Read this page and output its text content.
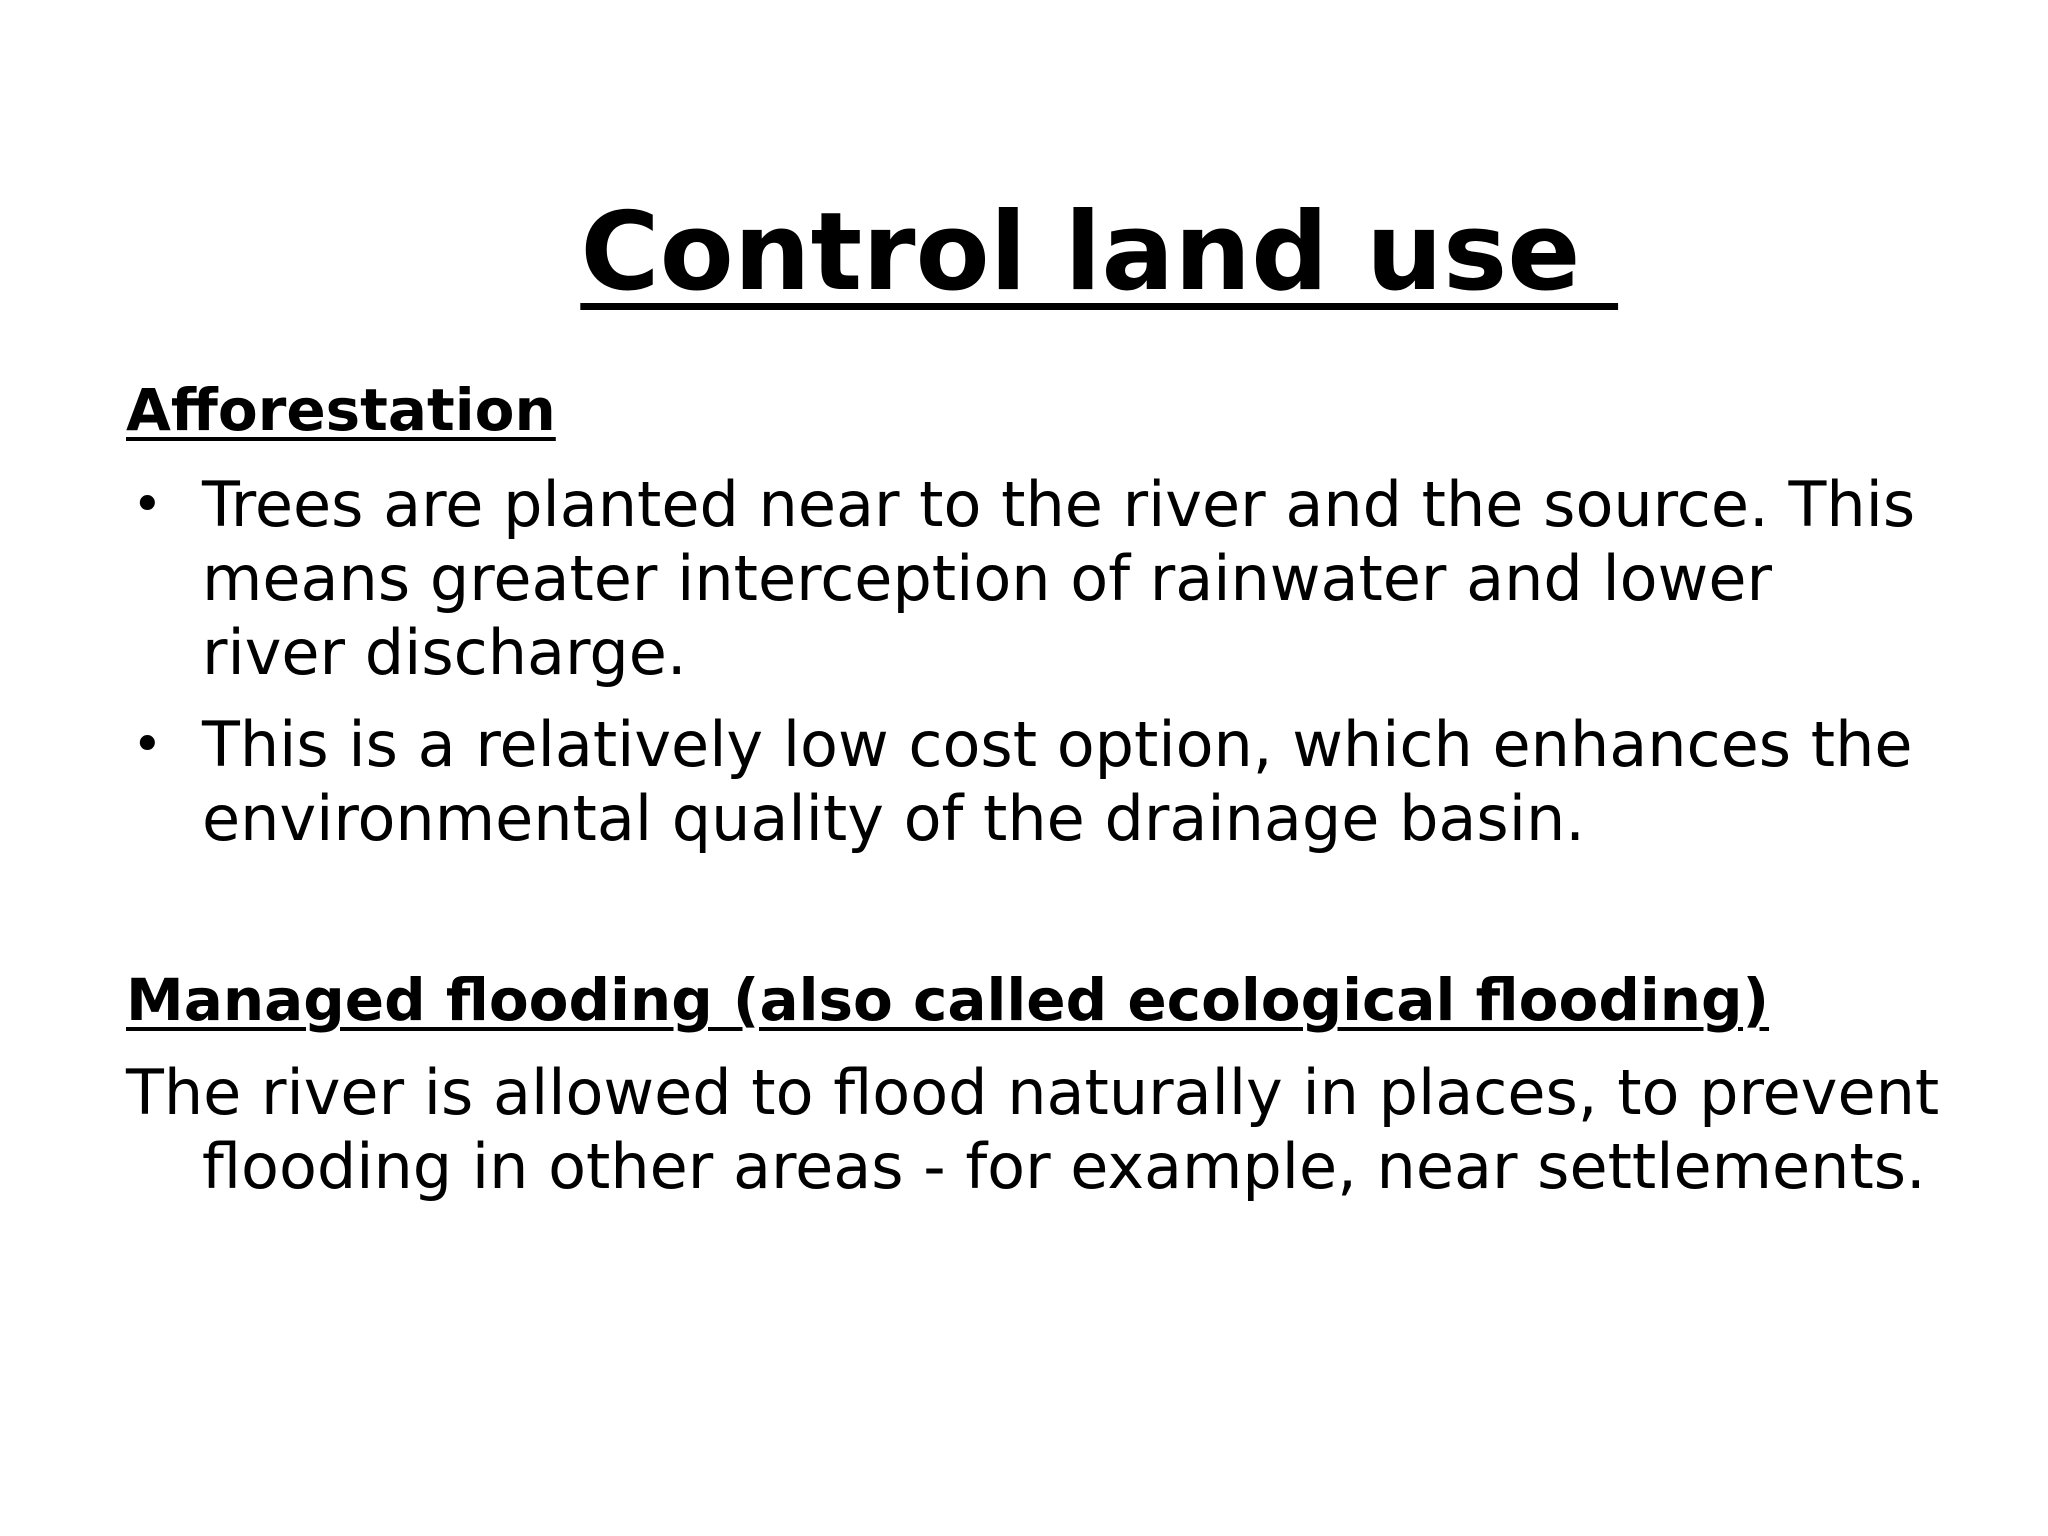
Control land use

Afforestation
• Trees are planted near to the river and the source. This means greater interception of rainwater and lower river discharge.
• This is a relatively low cost option, which enhances the environmental quality of the drainage basin.
Managed flooding (also called ecological flooding)
The river is allowed to flood naturally in places, to prevent flooding in other areas - for example, near settlements.
